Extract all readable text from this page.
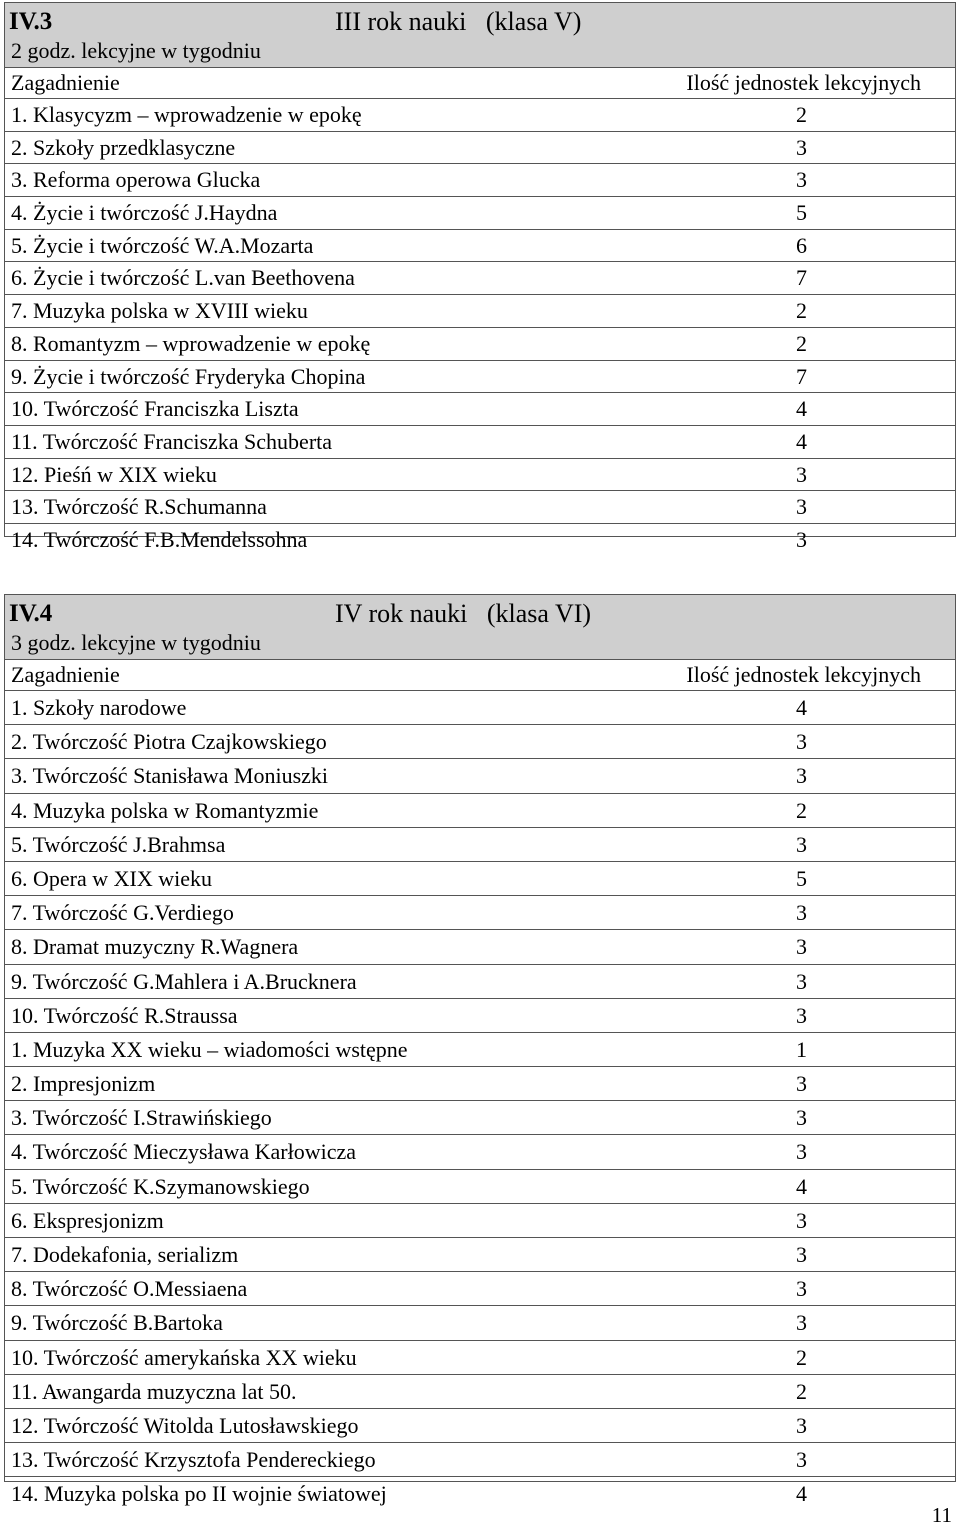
IV.3	III rok nauki   (klasa V)
2 godz. lekcyjne w tygodniu
Zagadnienie	Ilość jednostek lekcyjnych
1. Klasycyzm – wprowadzenie w epokę	2
2. Szkoły przedklasyczne	3
3. Reforma operowa Glucka	3
4. Życie i twórczość J.Haydna	5
5. Życie i twórczość W.A.Mozarta	6
6. Życie i twórczość L.van Beethovena	7
7. Muzyka polska w XVIII wieku	2
8. Romantyzm – wprowadzenie w epokę	2
9. Życie i twórczość Fryderyka Chopina	7
10. Twórczość Franciszka Liszta	4
11. Twórczość Franciszka Schuberta	4
12. Pieśń w XIX wieku	3
13. Twórczość R.Schumanna	3
14. Twórczość F.B.Mendelssohna	3
IV.4	IV rok nauki   (klasa VI)
3 godz. lekcyjne w tygodniu
Zagadnienie	Ilość jednostek lekcyjnych
1. Szkoły narodowe	4
2. Twórczość Piotra Czajkowskiego	3
3. Twórczość Stanisława Moniuszki	3
4. Muzyka polska w Romantyzmie	2
5. Twórczość J.Brahmsa	3
6. Opera w XIX wieku	5
7. Twórczość G.Verdiego	3
8. Dramat muzyczny R.Wagnera	3
9. Twórczość G.Mahlera i A.Brucknera	3
10. Twórczość R.Straussa	3
1. Muzyka XX wieku – wiadomości wstępne	1
2. Impresjonizm	3
3. Twórczość I.Strawińskiego	3
4. Twórczość Mieczysława Karłowicza	3
5. Twórczość K.Szymanowskiego	4
6. Ekspresjonizm	3
7. Dodekafonia, serializm	3
8. Twórczość O.Messiaena	3
9. Twórczość B.Bartoka	3
10. Twórczość amerykańska XX wieku	2
11. Awangarda muzyczna lat 50.	2
12. Twórczość Witolda Lutosławskiego	3
13. Twórczość Krzysztofa Pendereckiego	3
14. Muzyka polska po II wojnie światowej	4
11
